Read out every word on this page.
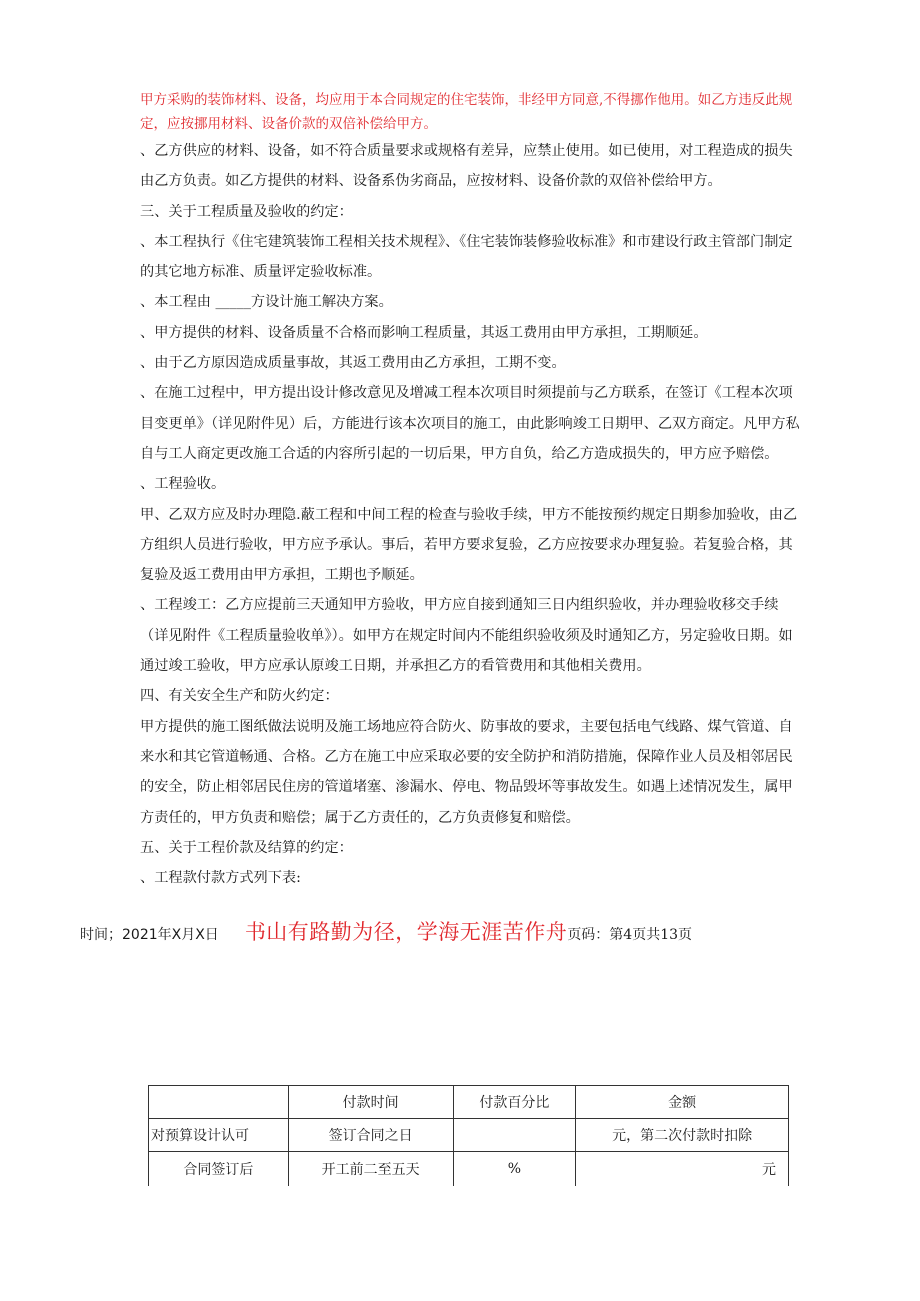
甲方采购的装饰材料、设备，均应用于本合同规定的住宅装饰，非经甲方同意,不得挪作他用。如乙方违反此规定，应按挪用材料、设备价款的双倍补偿给甲方。

、乙方供应的材料、设备，如不符合质量要求或规格有差异，应禁止使用。如已使用，对工程造成的损失由乙方负责。如乙方提供的材料、设备系伪劣商品，应按材料、设备价款的双倍补偿给甲方。

三、关于工程质量及验收的约定：

、本工程执行《住宅建筑装饰工程相关技术规程》、《住宅装饰装修验收标准》和市建设行政主管部门制定的其它地方标准、质量评定验收标准。

、本工程由 _____方设计施工解决方案。

、甲方提供的材料、设备质量不合格而影响工程质量，其返工费用由甲方承担，工期顺延。

、由于乙方原因造成质量事故，其返工费用由乙方承担，工期不变。

、在施工过程中，甲方提出设计修改意见及增减工程本次项目时须提前与乙方联系，在签订《工程本次项目变更单》（详见附件见）后，方能进行该本次项目的施工，由此影响竣工日期甲、乙双方商定。凡甲方私自与工人商定更改施工合适的内容所引起的一切后果，甲方自负，给乙方造成损失的，甲方应予赔偿。

、工程验收。

甲、乙双方应及时办理隐.蔽工程和中间工程的检查与验收手续，甲方不能按预约规定日期参加验收，由乙方组织人员进行验收，甲方应予承认。事后，若甲方要求复验，乙方应按要求办理复验。若复验合格，其复验及返工费用由甲方承担，工期也予顺延。

、工程竣工：乙方应提前三天通知甲方验收，甲方应自接到通知三日内组织验收，并办理验收移交手续（详见附件《工程质量验收单》）。如甲方在规定时间内不能组织验收须及时通知乙方，另定验收日期。如通过竣工验收，甲方应承认原竣工日期，并承担乙方的看管费用和其他相关费用。

四、有关安全生产和防火约定：

甲方提供的施工图纸做法说明及施工场地应符合防火、防事故的要求，主要包括电气线路、煤气管道、自来水和其它管道畅通、合格。乙方在施工中应采取必要的安全防护和消防措施，保障作业人员及相邻居民的安全，防止相邻居民住房的管道堵塞、渗漏水、停电、物品毁坏等事故发生。如遇上述情况发生，属甲方责任的，甲方负责和赔偿；属于乙方责任的，乙方负责修复和赔偿。

五、关于工程价款及结算的约定：

、工程款付款方式列下表:

时间；2021年X月X日 书山有路勤为径，学海无涯苦作舟页码：第4页共13页
	付款时间	付款百分比	金额
对预算设计认可	签订合同之日		元，第二次付款时扣除
合同签订后	开工前二至五天	%	元
